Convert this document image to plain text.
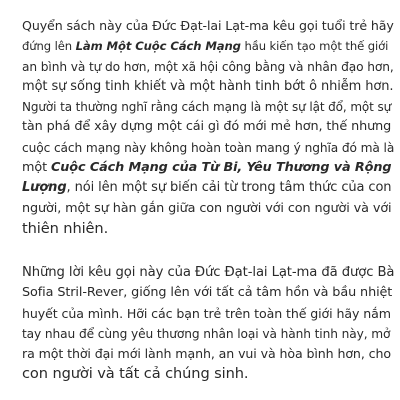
Quyển sách này của Đức Đạt-lai Lạt-ma kêu gọi tuổi trẻ hãy
đứng lên Làm Một Cuộc Cách Mạng hầu kiến tạo một thế giới
an bình và tự do hơn, một xã hội công bằng và nhân đạo hơn,
một sự sống tinh khiết và một hành tinh bớt ô nhiễm hơn.
Người ta thường nghĩ rằng cách mạng là một sự lật đổ, một sự
tàn phá để xây dựng một cái gì đó mới mẻ hơn, thế nhưng
cuộc cách mạng này không hoàn toàn mang ý nghĩa đó mà là
một Cuộc Cách Mạng của Từ Bi, Yêu Thương và Rộng
Lượng, nói lên một sự biến cải từ trong tâm thức của con
người, một sự hàn gắn giữa con người với con người và với
thiên nhiên.
Những lời kêu gọi này của Đức Đạt-lai Lạt-ma đã được Bà
Sofia Stril-Rever, giống lên với tất cả tâm hồn và bầu nhiệt
huyết của mình. Hỡi các bạn trẻ trên toàn thế giới hãy nắm
tay nhau để cùng yêu thương nhân loại và hành tinh này, mở
ra một thời đại mới lành mạnh, an vui và hòa bình hơn, cho
con người và tất cả chúng sinh.
